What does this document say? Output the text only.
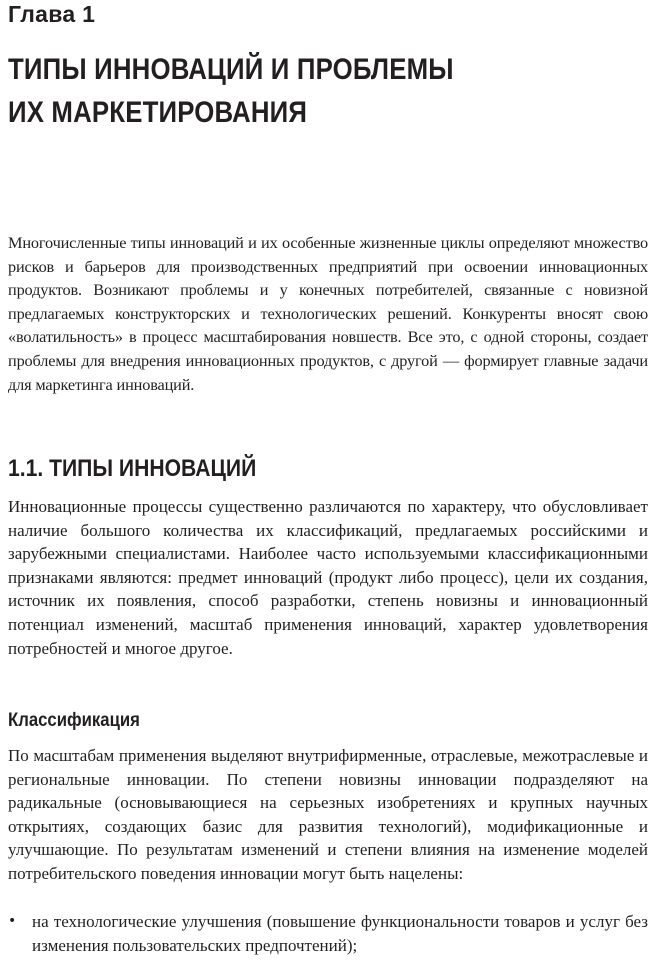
Глава 1
ТИПЫ ИННОВАЦИЙ И ПРОБЛЕМЫ
ИХ МАРКЕТИРОВАНИЯ

Многочисленные типы инноваций и их особенные жизненные циклы определяют множество рисков и барьеров для производственных предприятий при освоении инновационных продуктов. Возникают проблемы и у конечных потребителей, связанные с новизной предлагаемых конструкторских и технологических решений. Конкуренты вносят свою «волатильность» в процесс масштабирования новшеств. Все это, с одной стороны, создает проблемы для внедрения инновационных продуктов, с другой — формирует главные задачи для маркетинга инноваций.

1.1. ТИПЫ ИННОВАЦИЙ

Инновационные процессы существенно различаются по характеру, что обусловливает наличие большого количества их классификаций, предлагаемых российскими и зарубежными специалистами. Наиболее часто используемыми классификационными признаками являются: предмет инноваций (продукт либо процесс), цели их создания, источник их появления, способ разработки, степень новизны и инновационный потенциал изменений, масштаб применения инноваций, характер удовлетворения потребностей и многое другое.

Классификация

По масштабам применения выделяют внутрифирменные, отраслевые, межотраслевые и региональные инновации. По степени новизны инновации подразделяют на радикальные (основывающиеся на серьезных изобретениях и крупных научных открытиях, создающих базис для развития технологий), модификационные и улучшающие. По результатам изменений и степени влияния на изменение моделей потребительского поведения инновации могут быть нацелены:

• на технологические улучшения (повышение функциональности товаров и услуг без изменения пользовательских предпочтений);
